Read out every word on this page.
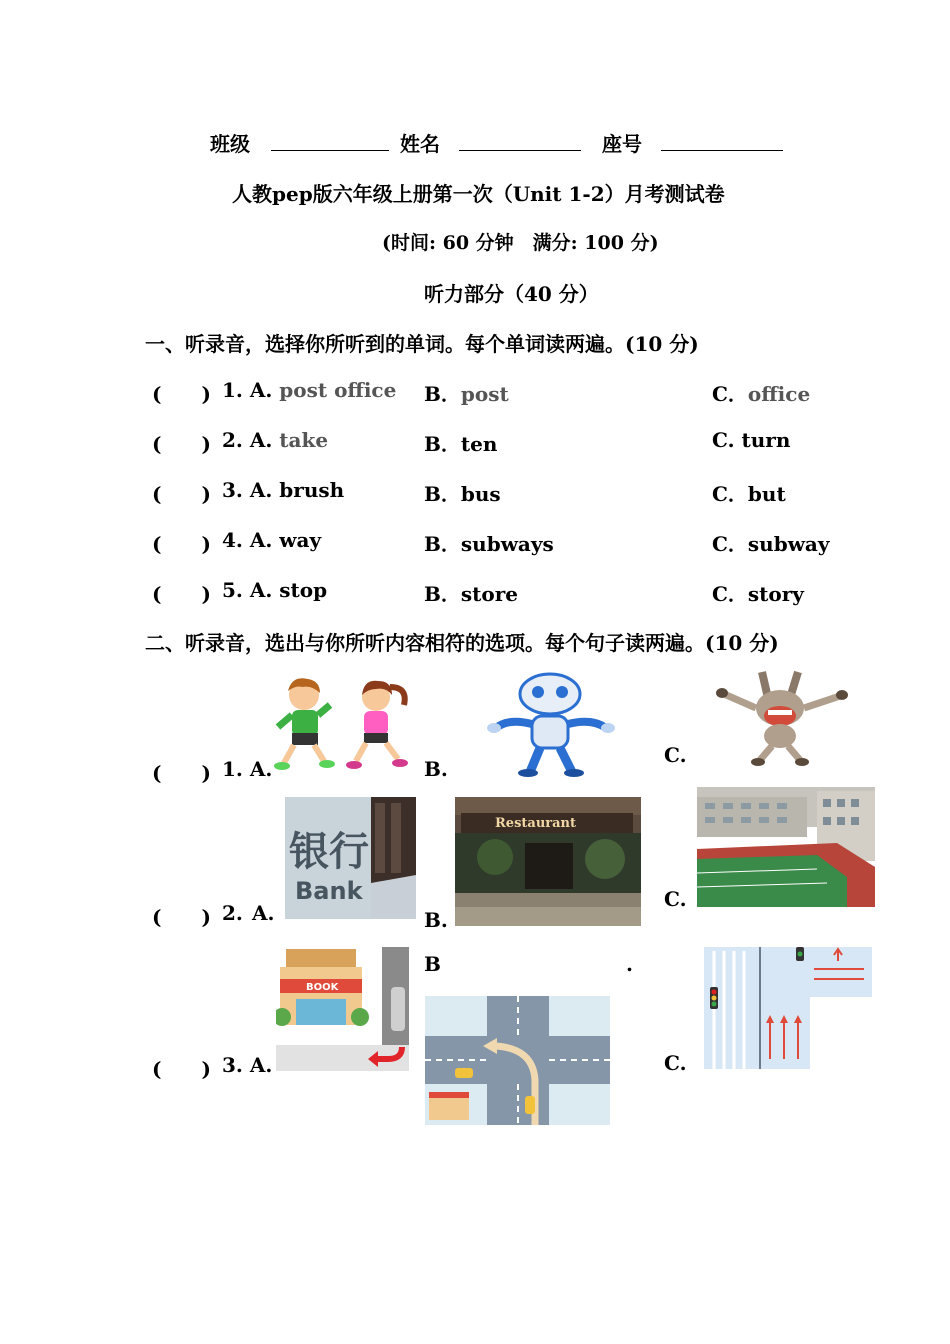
班级	姓名	座号
人教pep版六年级上册第一次（Unit 1-2）月考测试卷
(时间: 60 分钟　满分: 100 分)
听力部分（40 分）
一、听录音，选择你所听到的单词。每个单词读两遍。(10 分)
(　　) 1. A. post office B．post	C．office
(　　) 2. A. take	B．ten	C. turn
(　　) 3. A. brush	B．bus	C．but
(　　) 4. A. way	B．subways	C．subway
(　　) 5. A. stop	B．store	C．story
二、听录音，选出与你所听内容相符的选项。每个句子读两遍。(10 分)
(　　) 1. A.	B.
C.
(　　) 2. A.
银行
Bank
B.
Restaurant
C.
(　　) 3. A.
BOOK
B	.
C.
